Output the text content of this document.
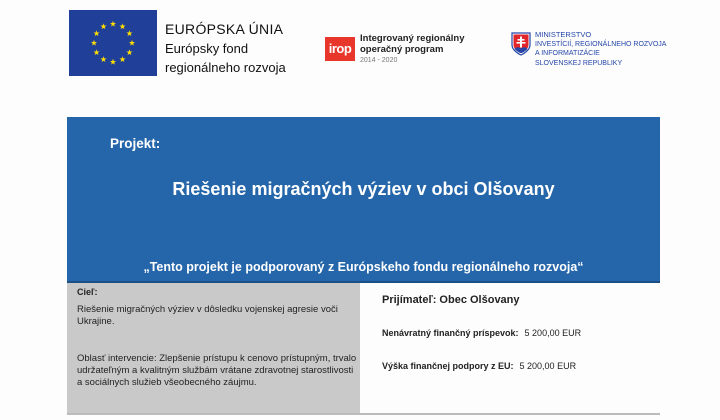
EURÓPSKA ÚNIA
Európsky fond
regionálneho rozvoja
irop
Integrovaný regionálny
operačný program
2014 - 2020
MINISTERSTVO
INVESTÍCIÍ, REGIONÁLNEHO ROZVOJA
A INFORMATIZÁCIE
SLOVENSKEJ REPUBLIKY
Projekt:
Riešenie migračných výziev v obci Olšovany
„Tento projekt je podporovaný z Európskeho fondu regionálneho rozvoja“
Cieľ:
Riešenie migračných výziev v dôsledku vojenskej agresie voči Ukrajine.
Oblasť intervencie: Zlepšenie prístupu k cenovo prístupným, trvalo udržateľným a kvalitným službám vrátane zdravotnej starostlivosti a sociálnych služieb všeobecného záujmu.
Prijímateľ: Obec Olšovany
Nenávratný finančný príspevok: 5 200,00 EUR
Výška finančnej podpory z EU: 5 200,00 EUR
